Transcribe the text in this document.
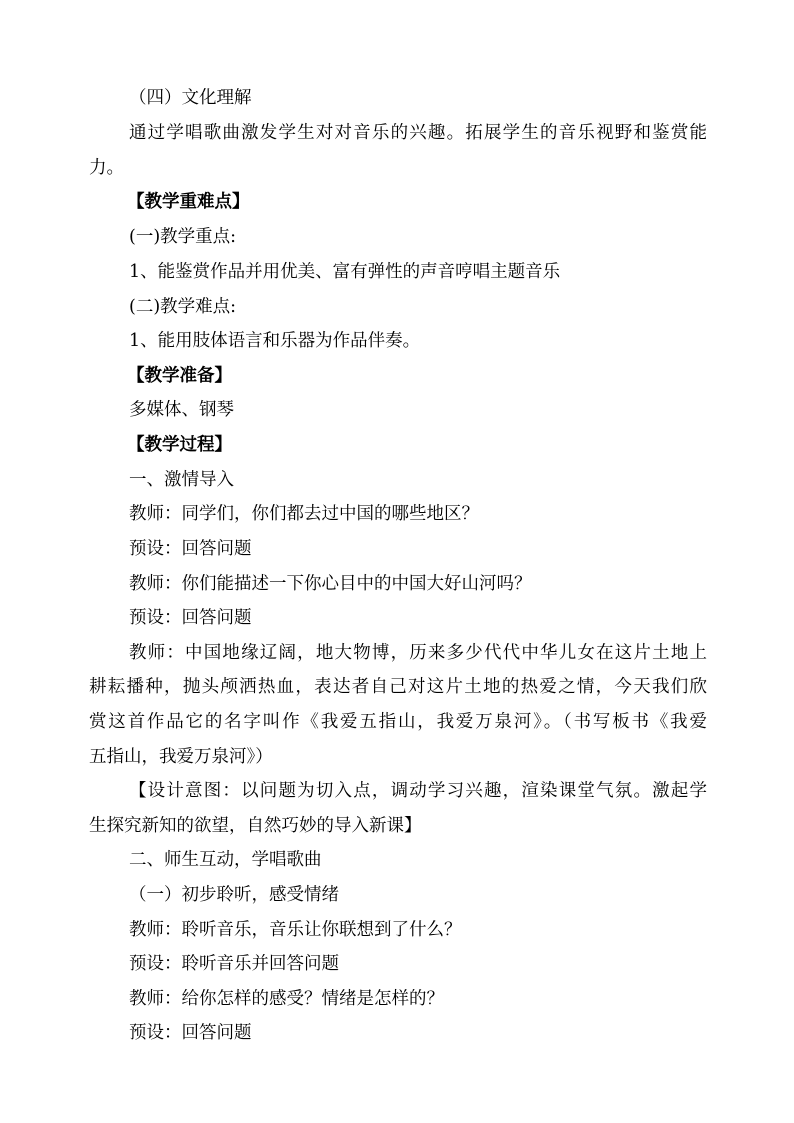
（四）文化理解
通过学唱歌曲激发学生对对音乐的兴趣。拓展学生的音乐视野和鉴赏能
力。
【教学重难点】
(一)教学重点:
1、能鉴赏作品并用优美、富有弹性的声音哼唱主题音乐
(二)教学难点:
1、能用肢体语言和乐器为作品伴奏。
【教学准备】
多媒体、钢琴
【教学过程】
一、激情导入
教师：同学们，你们都去过中国的哪些地区？
预设：回答问题
教师：你们能描述一下你心目中的中国大好山河吗？
预设：回答问题
教师：中国地缘辽阔，地大物博，历来多少代代中华儿女在这片土地上
耕耘播种，抛头颅洒热血，表达者自己对这片土地的热爱之情，今天我们欣
赏这首作品它的名字叫作《我爱五指山，我爱万泉河》。（书写板书《我爱
五指山，我爱万泉河》）
【设计意图：以问题为切入点，调动学习兴趣，渲染课堂气氛。激起学
生探究新知的欲望，自然巧妙的导入新课】
二、师生互动，学唱歌曲
（一）初步聆听，感受情绪
教师：聆听音乐，音乐让你联想到了什么？
预设：聆听音乐并回答问题
教师：给你怎样的感受？情绪是怎样的？
预设：回答问题
